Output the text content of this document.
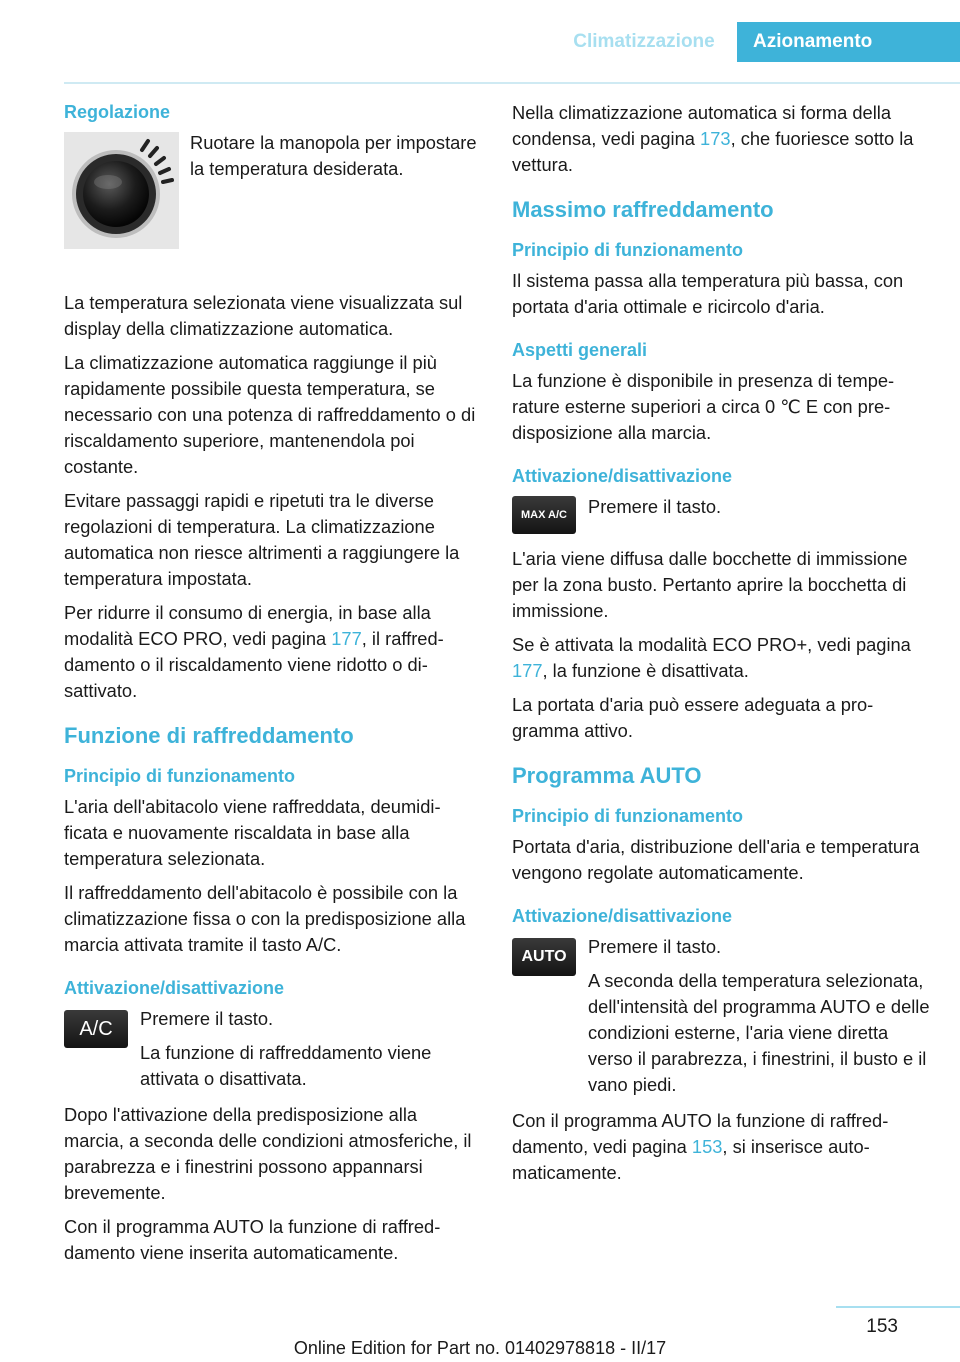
Climatizzazione	Azionamento
Regolazione

Ruotare la manopola per impostare la temperatura desiderata.

La temperatura selezionata viene visualizzata sul display della climatizzazione automatica.

La climatizzazione automatica raggiunge il più rapidamente possibile questa temperatura, se necessario con una potenza di raffreddamento o di riscaldamento superiore, mantenendola poi costante.

Evitare passaggi rapidi e ripetuti tra le diverse regolazioni di temperatura. La climatizzazione automatica non riesce altrimenti a raggiungere la temperatura impostata.

Per ridurre il consumo di energia, in base alla modalità ECO PRO, vedi pagina 177, il raffreddamento o il riscaldamento viene ridotto o disattivato.

Funzione di raffreddamento
Principio di funzionamento

L'aria dell'abitacolo viene raffreddata, deumidificata e nuovamente riscaldata in base alla temperatura selezionata.

Il raffreddamento dell'abitacolo è possibile con la climatizzazione fissa o con la predisposizione alla marcia attivata tramite il tasto A/C.

Attivazione/disattivazione
A/C	Premere il tasto.

La funzione di raffreddamento viene attivata o disattivata.

Dopo l'attivazione della predisposizione alla marcia, a seconda delle condizioni atmosferiche, il parabrezza e i finestrini possono appannarsi brevemente.

Con il programma AUTO la funzione di raffreddamento viene inserita automaticamente.

Nella climatizzazione automatica si forma della condensa, vedi pagina 173, che fuoriesce sotto la vettura.

Massimo raffreddamento
Principio di funzionamento

Il sistema passa alla temperatura più bassa, con portata d'aria ottimale e ricircolo d'aria.

Aspetti generali

La funzione è disponibile in presenza di temperature esterne superiori a circa 0 ℃ E con predisposizione alla marcia.

Attivazione/disattivazione
MAX A/C	Premere il tasto.

L'aria viene diffusa dalle bocchette di immissione per la zona busto. Pertanto aprire la bocchetta di immissione.

Se è attivata la modalità ECO PRO+, vedi pagina 177, la funzione è disattivata.

La portata d'aria può essere adeguata a programma attivo.

Programma AUTO
Principio di funzionamento

Portata d'aria, distribuzione dell'aria e temperatura vengono regolate automaticamente.

Attivazione/disattivazione
AUTO	Premere il tasto.

A seconda della temperatura selezionata, dell'intensità del programma AUTO e delle condizioni esterne, l'aria viene diretta verso il parabrezza, i finestrini, il busto e il vano piedi.

Con il programma AUTO la funzione di raffreddamento, vedi pagina 153, si inserisce automaticamente.

153
Online Edition for Part no. 01402978818 - II/17
